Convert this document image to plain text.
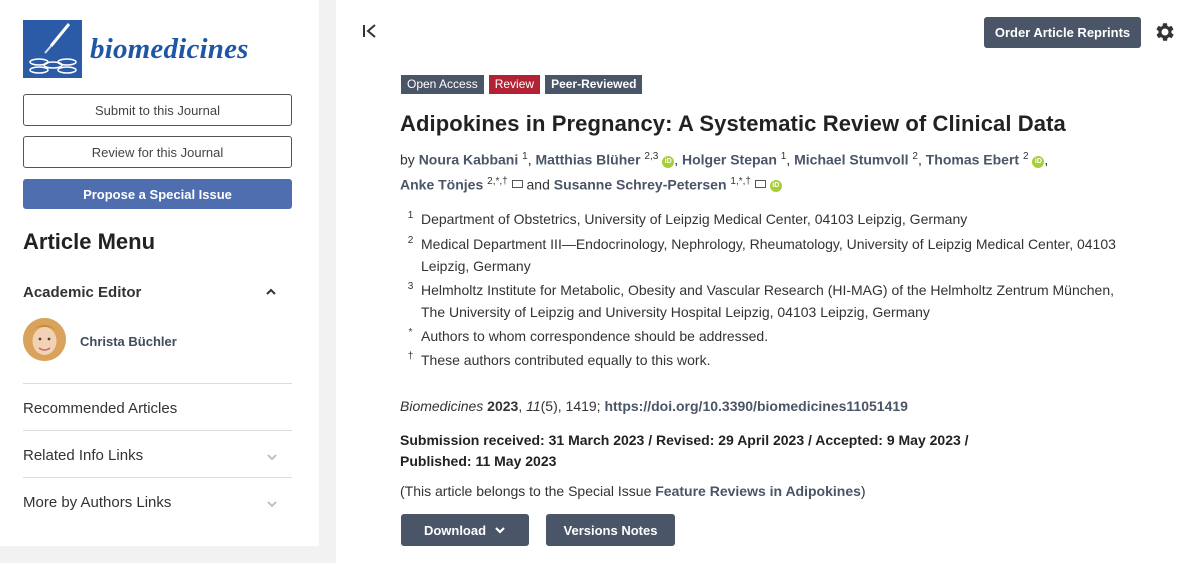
biomedicines
Submit to this Journal
Review for this Journal
Propose a Special Issue
Article Menu
Academic Editor
Christa Büchler
Recommended Articles
Related Info Links
More by Authors Links
Order Article Reprints
Open Access	Review	Peer-Reviewed
Adipokines in Pregnancy: A Systematic Review of Clinical Data
by Noura Kabbani $^1$, Matthias Blüher $^{2,3}$ iD , Holger Stepan $^1$, Michael Stumvoll $^2$, Thomas Ebert $^2$ iD ,
Anke Tönjes $^{2,*,\dagger}$ and Susanne Schrey-Petersen $^{1,*,\dagger}$	iD
1 Department of Obstetrics, University of Leipzig Medical Center, 04103 Leipzig, Germany
2 Medical Department III—Endocrinology, Nephrology, Rheumatology, University of Leipzig Medical Center, 04103 Leipzig, Germany
3 Helmholtz Institute for Metabolic, Obesity and Vascular Research (HI-MAG) of the Helmholtz Zentrum München, The University of Leipzig and University Hospital Leipzig, 04103 Leipzig, Germany
* Authors to whom correspondence should be addressed.
† These authors contributed equally to this work.
Biomedicines 2023, 11(5), 1419; https://doi.org/10.3390/biomedicines11051419
Submission received: 31 March 2023 / Revised: 29 April 2023 / Accepted: 9 May 2023 / Published: 11 May 2023
(This article belongs to the Special Issue Feature Reviews in Adipokines)
Download	Versions Notes
